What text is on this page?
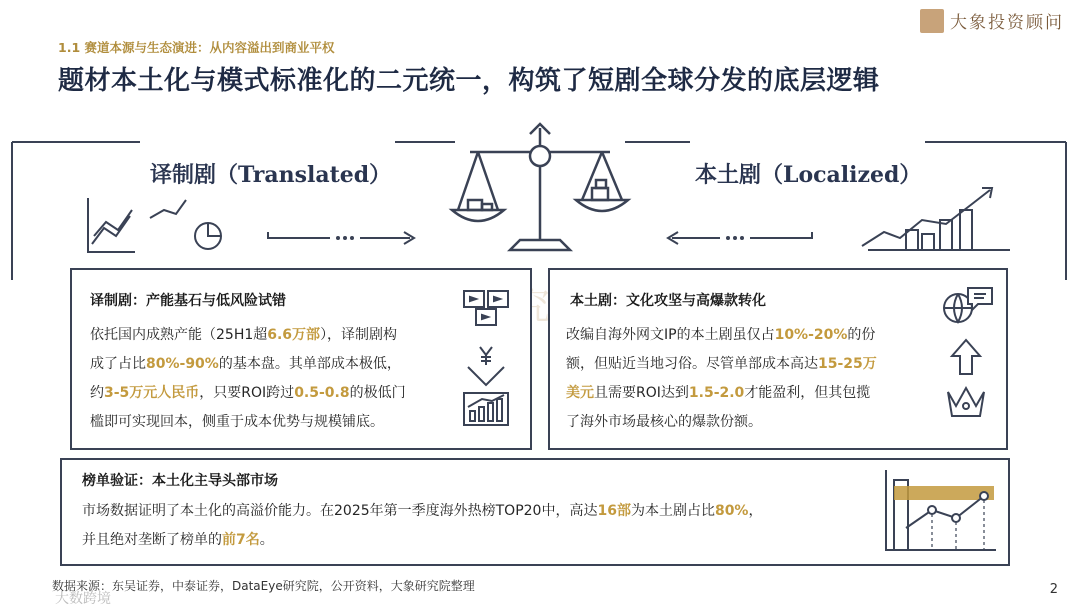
1.1 赛道本源与生态演进：从内容溢出到商业平权
题材本土化与模式标准化的二元统一，构筑了短剧全球分发的底层逻辑
大象投资顾问
译制剧（Translated）	本土剧（Localized）
译制剧：产能基石与低风险试错
依托国内成熟产能（25H1超6.6万部），译制剧构
成了占比80%-90%的基本盘。其单部成本极低，
约3-5万元人民币，只要ROI跨过0.5-0.8的极低门
槛即可实现回本，侧重于成本优势与规模铺底。
本土剧：文化攻坚与高爆款转化
改编自海外网文IP的本土剧虽仅占10%-20%的份
额，但贴近当地习俗。尽管单部成本高达15-25万
美元且需要ROI达到1.5-2.0才能盈利，但其包揽
了海外市场最核心的爆款份额。
榜单验证：本土化主导头部市场
市场数据证明了本土化的高溢价能力。在2025年第一季度海外热榜TOP20中，高达16部为本土剧占比80%，
并且绝对垄断了榜单的前7名。
数据来源：东吴证券，中泰证券，DataEye研究院，公开资料，大象研究院整理	2
大数跨境
